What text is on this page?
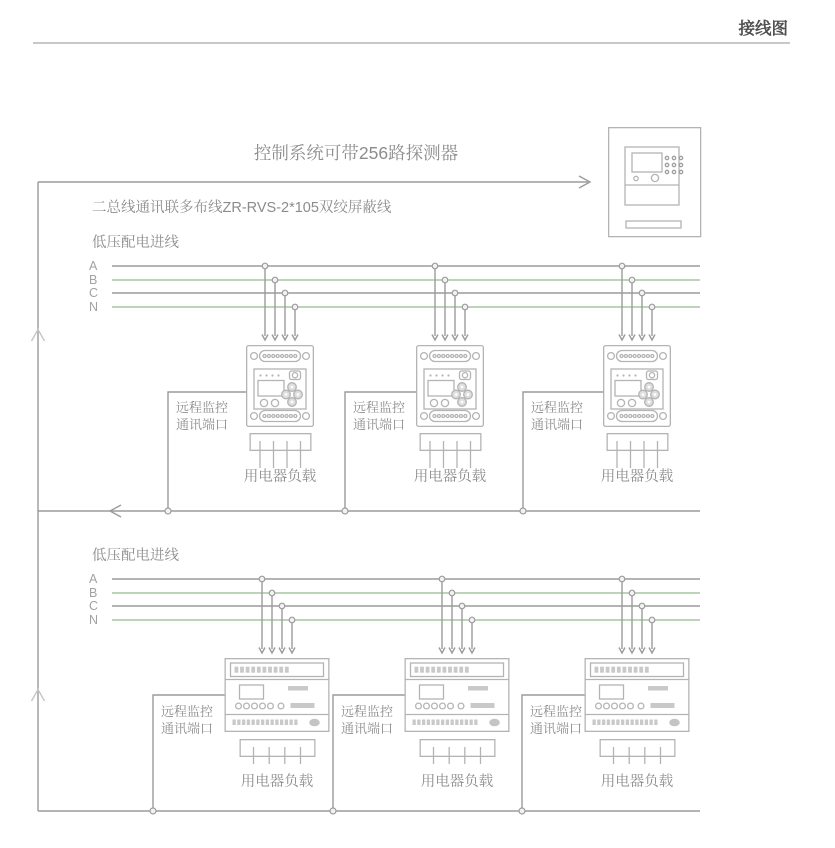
接线图
控制系统可带256路探测器
二总线通讯联多布线ZR-RVS-2*105双绞屏蔽线
低压配电进线
A
B
C
N
远程监控
通讯端口
远程监控
通讯端口
远程监控
通讯端口
用电器负载	用电器负载	用电器负载
低压配电进线
A
B
C
N
远程监控
通讯端口
远程监控
通讯端口
远程监控
通讯端口
用电器负载	用电器负载	用电器负载
